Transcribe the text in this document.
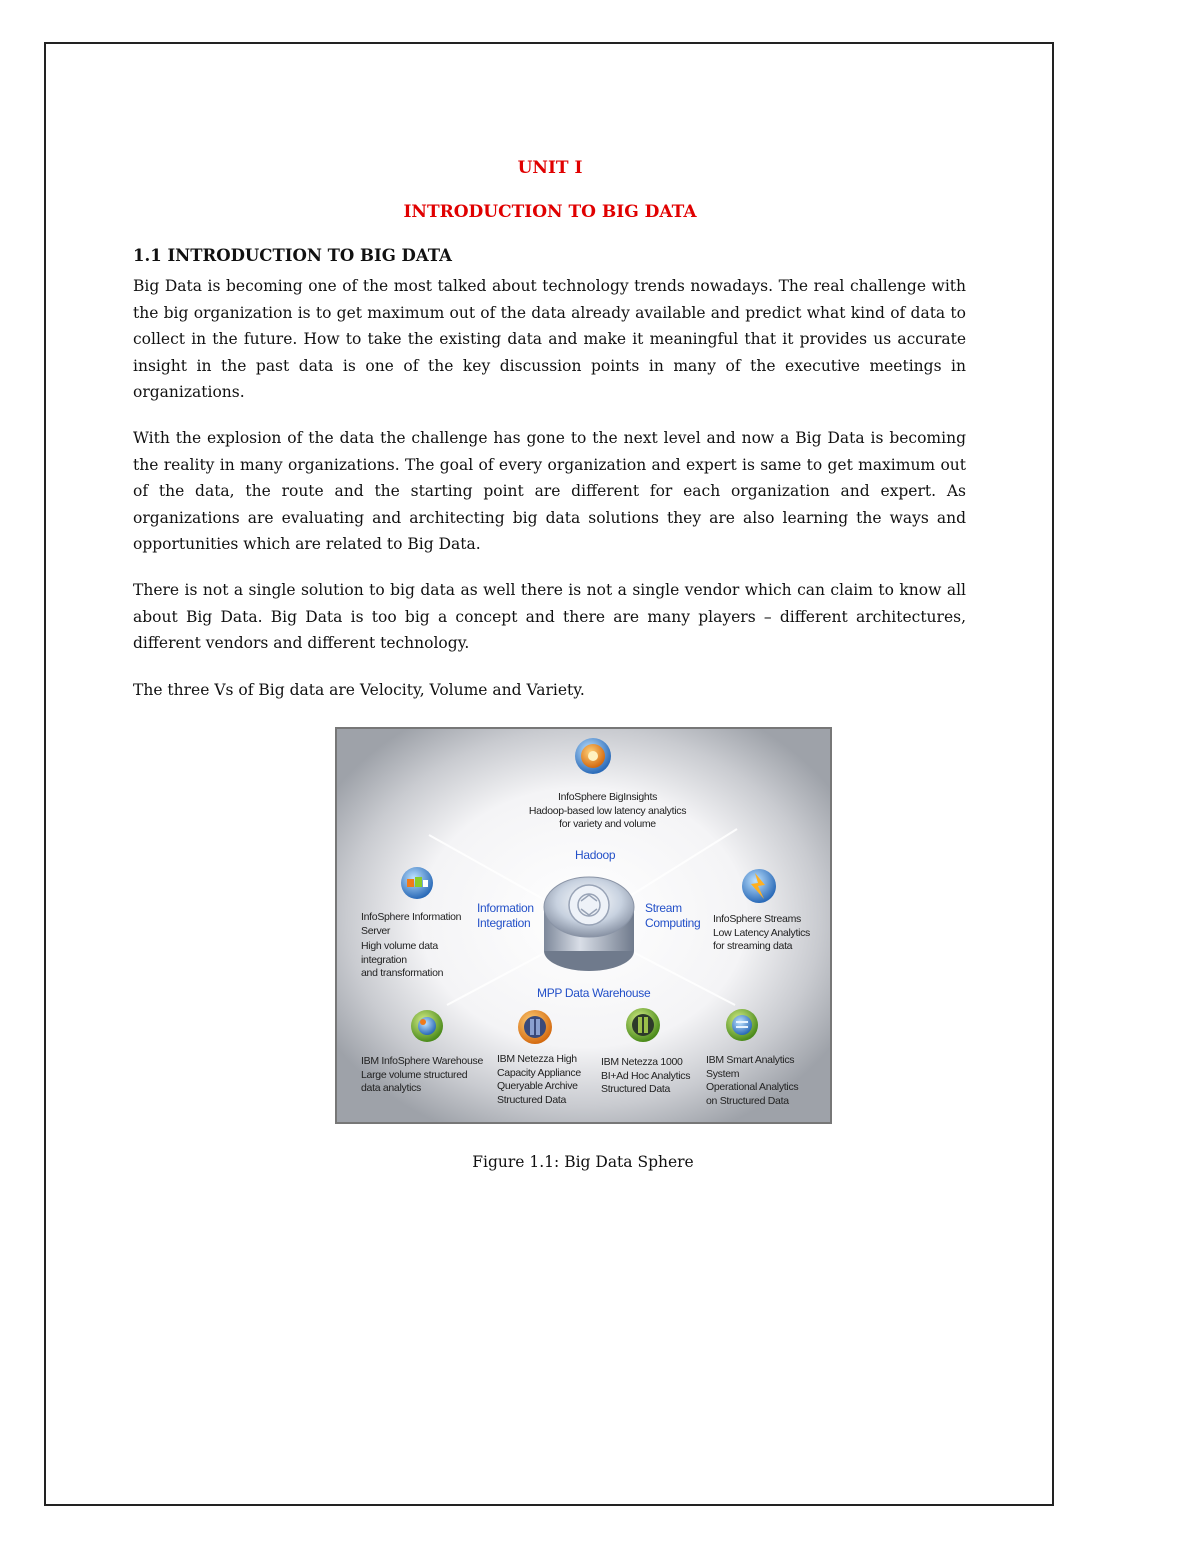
UNIT I
INTRODUCTION TO BIG DATA
1.1 INTRODUCTION TO BIG DATA

Big Data is becoming one of the most talked about technology trends nowadays. The real challenge with the big organization is to get maximum out of the data already available and predict what kind of data to collect in the future. How to take the existing data and make it meaningful that it provides us accurate insight in the past data is one of the key discussion points in many of the executive meetings in organizations.

With the explosion of the data the challenge has gone to the next level and now a Big Data is becoming the reality in many organizations. The goal of every organization and expert is same to get maximum out of the data, the route and the starting point are different for each organization and expert. As organizations are evaluating and architecting big data solutions they are also learning the ways and opportunities which are related to Big Data.

There is not a single solution to big data as well there is not a single vendor which can claim to know all about Big Data. Big Data is too big a concept and there are many players – different architectures, different vendors and different technology.

The three Vs of Big data are Velocity, Volume and Variety.

InfoSphere BigInsights
Hadoop-based low latency analytics
for variety and volume
InfoSphere Information
Server
High volume data
integration
and transformation
InfoSphere Streams
Low Latency Analytics
for streaming data
IBM InfoSphere Warehouse
Large volume structured
data analytics
IBM Netezza High
Capacity Appliance
Queryable Archive
Structured Data
IBM Netezza 1000
BI+Ad Hoc Analytics
Structured Data
IBM Smart Analytics
System
Operational Analytics
on Structured Data
Hadoop
Information
Integration
Stream
Computing
MPP Data Warehouse
Figure 1.1: Big Data Sphere
